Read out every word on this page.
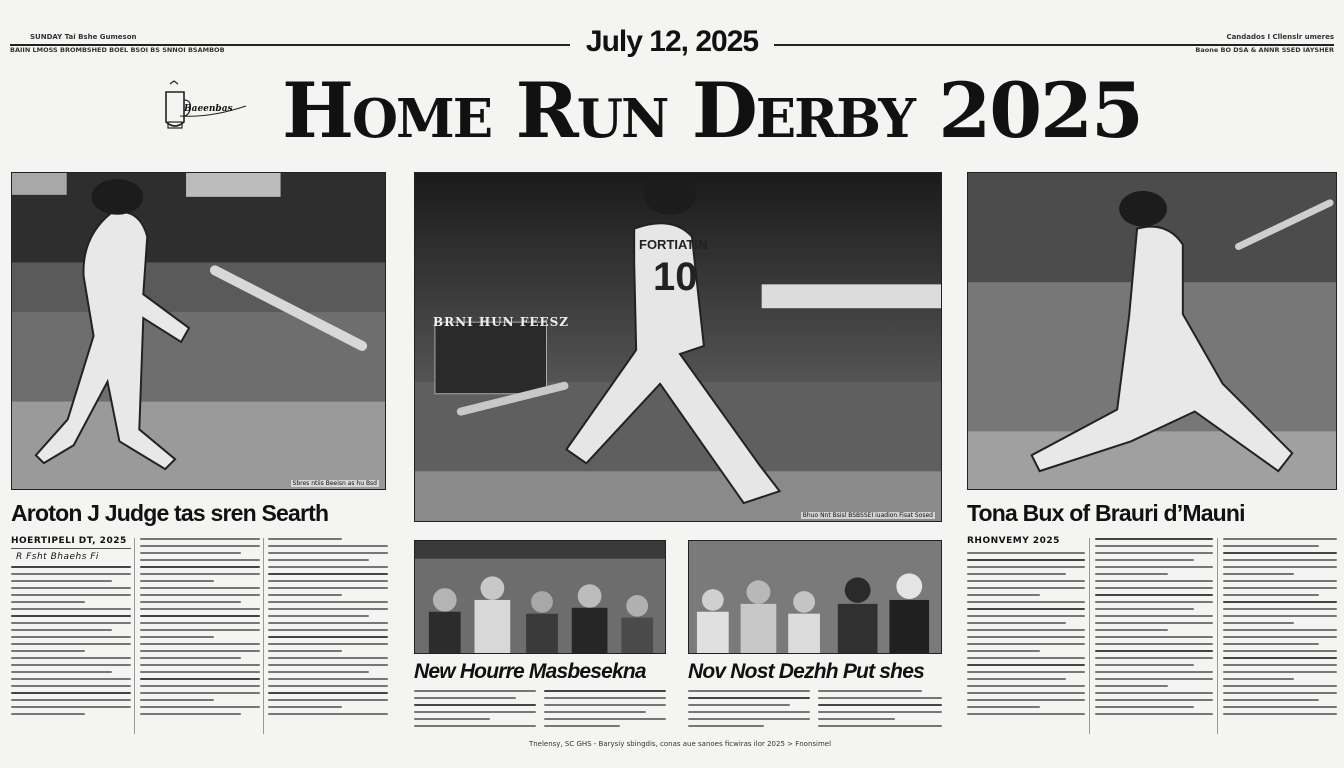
SUNDAY Tai Bshe Gumeson
BAIIN LMOSS BROMBSHED BOEL BSOI BS SNNOI BSAMBOB	July 12, 2025	Candados I Cllenslr umeres
Baone BO DSA & ANNR SSED IAYSHER
Baeenbas Home Run Derby 2025
Sbres ntiis Beeisn as hu Bsd
BRNI HUN FEESZ
FORTIATIN
10
Bhuo Nnt Bsisl BSBSSEI iuadion Fisat Sosed
Aroton J Judge tas sren Searth
HOERTIPELI DT, 2025
R Fsht Bhaehs Fi
New Hourre Masbesekna Nov Nost Dezhh Put shes
Tnelensy, SC GHS - Barysiy sbingdis, conas aue sanoes ficwiras ilor 2025 > Fnonsimel
Tona Bux of Brauri d’Mauni
RHONVEMY 2025
